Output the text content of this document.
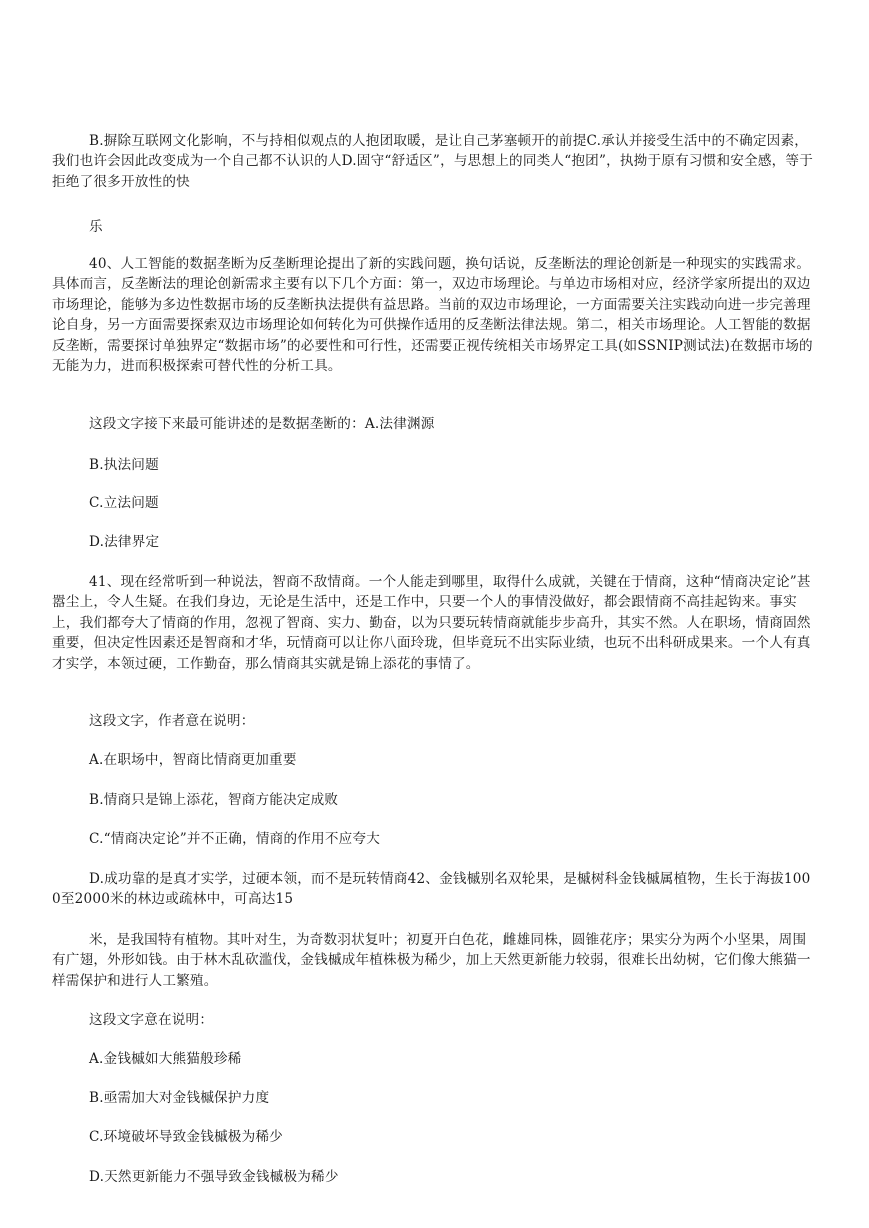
B.摒除互联网文化影响，不与持相似观点的人抱团取暖，是让自己茅塞顿开的前提C.承认并接受生活中的不确定因素，我们也许会因此改变成为一个自己都不认识的人D.固守“舒适区”，与思想上的同类人“抱团”，执拗于原有习惯和安全感，等于拒绝了很多开放性的快

乐

40、人工智能的数据垄断为反垄断理论提出了新的实践问题，换句话说，反垄断法的理论创新是一种现实的实践需求。具体而言，反垄断法的理论创新需求主要有以下几个方面：第一，双边市场理论。与单边市场相对应，经济学家所提出的双边市场理论，能够为多边性数据市场的反垄断执法提供有益思路。当前的双边市场理论，一方面需要关注实践动向进一步完善理论自身，另一方面需要探索双边市场理论如何转化为可供操作适用的反垄断法律法规。第二，相关市场理论。人工智能的数据反垄断，需要探讨单独界定“数据市场”的必要性和可行性，还需要正视传统相关市场界定工具(如SSNIP测试法)在数据市场的无能为力，进而积极探索可替代性的分析工具。

这段文字接下来最可能讲述的是数据垄断的：A.法律渊源

B.执法问题

C.立法问题

D.法律界定

41、现在经常听到一种说法，智商不敌情商。一个人能走到哪里，取得什么成就，关键在于情商，这种“情商决定论”甚嚣尘上，令人生疑。在我们身边，无论是生活中，还是工作中，只要一个人的事情没做好，都会跟情商不高挂起钩来。事实上，我们都夸大了情商的作用，忽视了智商、实力、勤奋，以为只要玩转情商就能步步高升，其实不然。人在职场，情商固然重要，但决定性因素还是智商和才华，玩情商可以让你八面玲珑，但毕竟玩不出实际业绩，也玩不出科研成果来。一个人有真才实学，本领过硬，工作勤奋，那么情商其实就是锦上添花的事情了。

这段文字，作者意在说明：

A.在职场中，智商比情商更加重要

B.情商只是锦上添花，智商方能决定成败

C.“情商决定论”并不正确，情商的作用不应夸大

D.成功靠的是真才实学，过硬本领，而不是玩转情商42、金钱槭别名双轮果，是槭树科金钱槭属植物，生长于海拔1000至2000米的林边或疏林中，可高达15

米，是我国特有植物。其叶对生，为奇数羽状复叶；初夏开白色花，雌雄同株，圆锥花序；果实分为两个小坚果，周围有广翅，外形如钱。由于林木乱砍滥伐，金钱槭成年植株极为稀少，加上天然更新能力较弱，很难长出幼树，它们像大熊猫一样需保护和进行人工繁殖。

这段文字意在说明：

A.金钱槭如大熊猫般珍稀

B.亟需加大对金钱槭保护力度

C.环境破坏导致金钱槭极为稀少

D.天然更新能力不强导致金钱槭极为稀少
